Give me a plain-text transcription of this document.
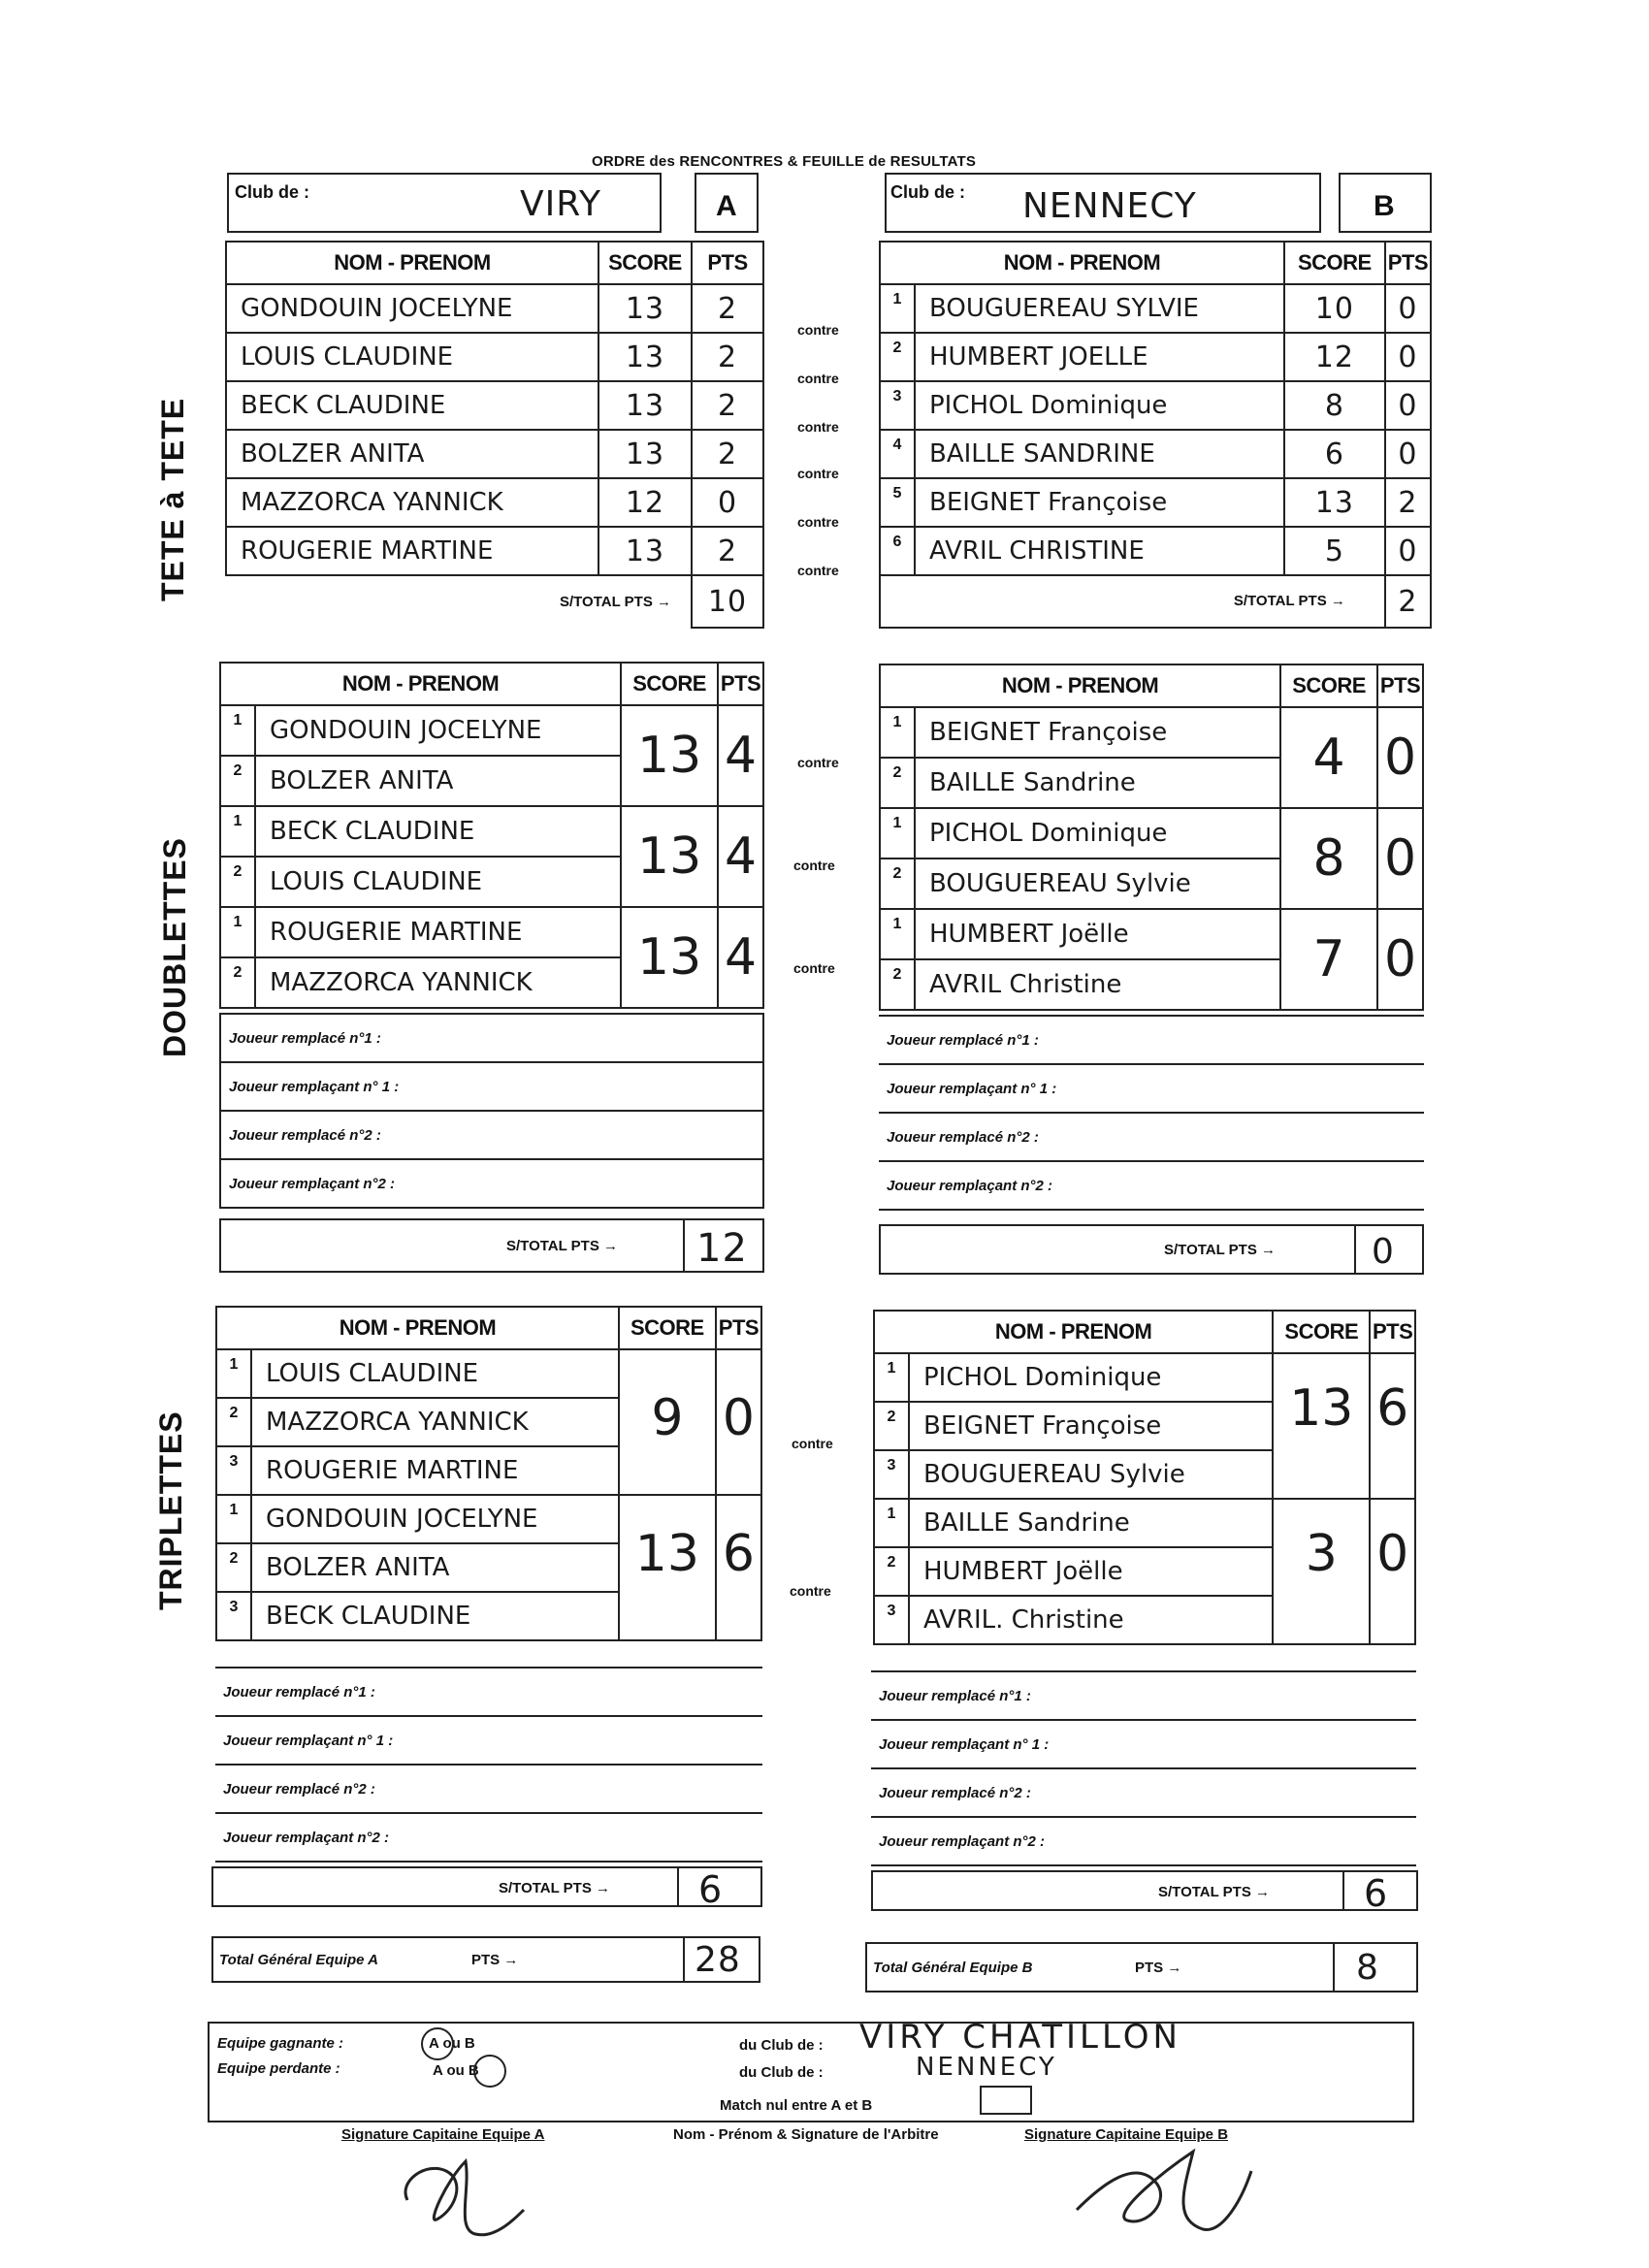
ORDRE des RENCONTRES & FEUILLE de RESULTATS
Club de :	VIRY	A	Club de : NENNECY	B
TETE à TETE
DOUBLETTES
TRIPLETTES
NOM - PRENOM	SCORE	PTS
GONDOUIN JOCELYNE	13	2
LOUIS CLAUDINE	13	2
BECK CLAUDINE	13	2
BOLZER ANITA	13	2
MAZZORCA YANNICK	12	0
ROUGERIE MARTINE	13	2
S/TOTAL PTS →		10
contre
contre
contre
contre
contre
contre
NOM - PRENOM		SCORE	PTS
1	BOUGUEREAU SYLVIE	10	0
2	HUMBERT JOELLE	12	0
3	PICHOL Dominique	8	0
4	BAILLE SANDRINE	6	0
5	BEIGNET Françoise	13	2
6	AVRIL CHRISTINE	5	0
S/TOTAL PTS →			2
NOM - PRENOM		SCORE	PTS
1	GONDOUIN JOCELYNE	13	4
2	BOLZER ANITA		
1	BECK CLAUDINE	13	4
2	LOUIS CLAUDINE		
1	ROUGERIE MARTINE	13	4
2	MAZZORCA YANNICK		
Joueur remplacé n°1 :
Joueur remplaçant n° 1 :
Joueur remplacé n°2 :
Joueur remplaçant n°2 :
S/TOTAL PTS → 12
contre
contre
contre
NOM - PRENOM		SCORE	PTS
1	BEIGNET Françoise	4	0
2	BAILLE Sandrine		
1	PICHOL Dominique	8	0
2	BOUGUEREAU Sylvie		
1	HUMBERT Joëlle	7	0
2	AVRIL Christine		
Joueur remplacé n°1 :
Joueur remplaçant n° 1 :
Joueur remplacé n°2 :
Joueur remplaçant n°2 :
S/TOTAL PTS →	0
NOM - PRENOM		SCORE	PTS
1	LOUIS CLAUDINE	9	0
2	MAZZORCA YANNICK		
3	ROUGERIE MARTINE		
1	GONDOUIN JOCELYNE	13	6
2	BOLZER ANITA		
3	BECK CLAUDINE		
Joueur remplacé n°1 :
Joueur remplaçant n° 1 :
Joueur remplacé n°2 :
Joueur remplaçant n°2 :
S/TOTAL PTS → 6
contre
contre
NOM - PRENOM		SCORE	PTS
1	PICHOL Dominique	13	6
2	BEIGNET Françoise		
3	BOUGUEREAU Sylvie		
1	BAILLE Sandrine	3	0
2	HUMBERT Joëlle		
3	AVRIL. Christine		
Joueur remplacé n°1 :
Joueur remplaçant n° 1 :
Joueur remplacé n°2 :
Joueur remplaçant n°2 :
S/TOTAL PTS →	6
Total Général Equipe A	PTS →	28	Total Général Equipe B	PTS →	8
Equipe gagnante :
Equipe perdante :
A ou B
A ou B
du Club de :
du Club de :
VIRY CHATILLON
NENNECY
Match nul entre A et B
Signature Capitaine Equipe A	Nom - Prénom & Signature de l'Arbitre	Signature Capitaine Equipe B
